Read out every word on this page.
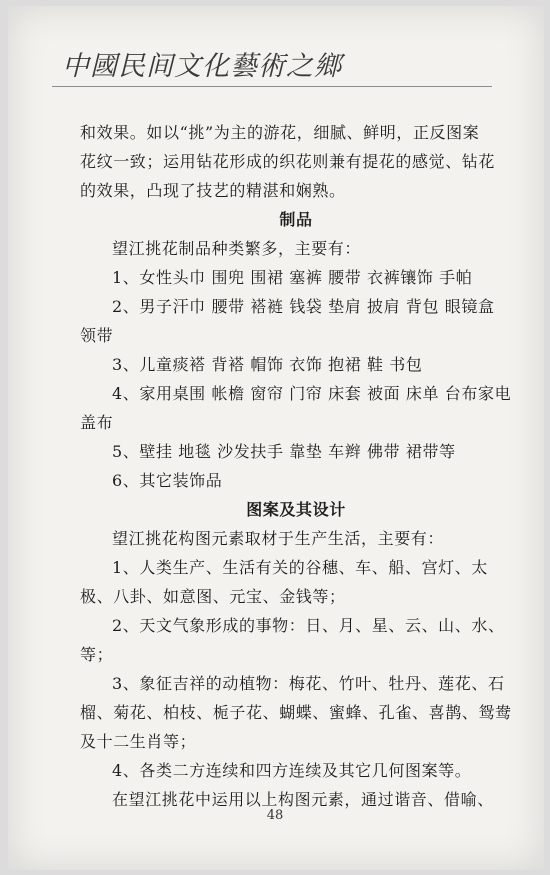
中國民间文化藝術之鄉

和效果。如以“挑”为主的游花，细腻、鲜明，正反图案

花纹一致；运用钻花形成的织花则兼有提花的感觉、钻花

的效果，凸现了技艺的精湛和娴熟。

制品

望江挑花制品种类繁多，主要有：

1、女性头巾 围兜 围裙 塞裤 腰带 衣裤镶饰 手帕

2、男子汗巾 腰带 褡裢 钱袋 垫肩 披肩 背包 眼镜盒 领带

3、儿童痰褡 背褡 帽饰 衣饰 抱裙 鞋 书包

4、家用桌围 帐檐 窗帘 门帘 床套 被面 床单 台布家电盖布

5、壁挂 地毯 沙发扶手 靠垫 车辫 佛带 裙带等

6、其它装饰品

图案及其设计

望江挑花构图元素取材于生产生活，主要有：

1、人类生产、生活有关的谷穗、车、船、宫灯、太极、八卦、如意图、元宝、金钱等；

2、天文气象形成的事物：日、月、星、云、山、水、等；

3、象征吉祥的动植物：梅花、竹叶、牡丹、莲花、石榴、菊花、柏枝、栀子花、蝴蝶、蜜蜂、孔雀、喜鹊、鸳鸯及十二生肖等；

4、各类二方连续和四方连续及其它几何图案等。

在望江挑花中运用以上构图元素，通过谐音、借喻、

48
